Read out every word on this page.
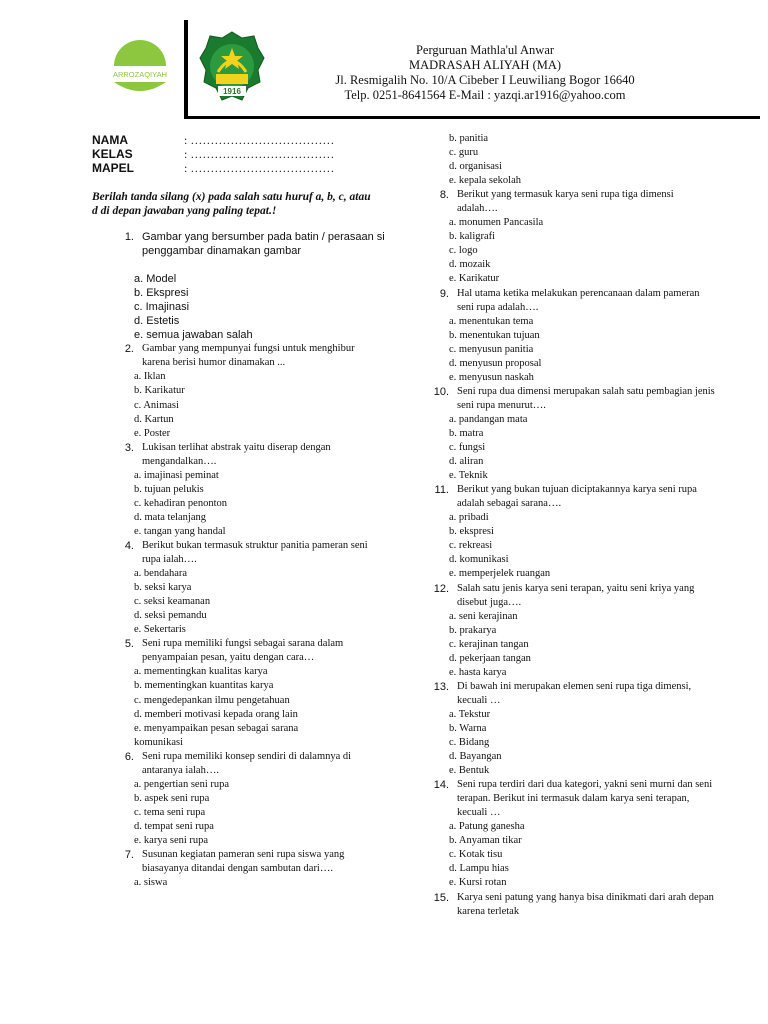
ARROZAQIYAH
1916
Perguruan Mathla'ul Anwar
MADRASAH ALIYAH (MA)
Jl. Resmigalih No. 10/A Cibeber I Leuwiliang Bogor 16640
Telp. 0251-8641564 E-Mail : yazqi.ar1916@yahoo.com
NAMA	: ………………………………
KELAS	: ………………………………
MAPEL	: ………………………………
Berilah tanda silang (x) pada salah satu huruf a, b, c, atau d di depan jawaban yang paling tepat.!
1. Gambar yang bersumber pada batin / perasaan si penggambar dinamakan gambar
a. Model
b. Ekspresi
c. Imajinasi
d. Estetis
e. semua jawaban salah
2. Gambar yang mempunyai fungsi untuk menghibur karena berisi humor dinamakan ...
a. Iklan
b. Karikatur
c. Animasi
d. Kartun
e. Poster
3. Lukisan terlihat abstrak yaitu diserap dengan mengandalkan….
a. imajinasi peminat
b. tujuan pelukis
c. kehadiran penonton
d. mata telanjang
e. tangan yang handal
4. Berikut bukan termasuk struktur panitia pameran seni rupa ialah….
a. bendahara
b. seksi karya
c. seksi keamanan
d. seksi pemandu
e. Sekertaris
5. Seni rupa memiliki fungsi sebagai sarana dalam penyampaian pesan, yaitu dengan cara…
a. mementingkan kualitas karya
b. mementingkan kuantitas karya
c. mengedepankan ilmu pengetahuan
d. memberi motivasi kepada orang lain
e. menyampaikan pesan sebagai sarana komunikasi
6. Seni rupa memiliki konsep sendiri di dalamnya di antaranya ialah….
a. pengertian seni rupa
b. aspek seni rupa
c. tema seni rupa
d. tempat seni rupa
e. karya seni rupa
7. Susunan kegiatan pameran seni rupa siswa yang biasayanya ditandai dengan sambutan dari….
a. siswa
b. panitia
c. guru
d. organisasi
e. kepala sekolah
8. Berikut yang termasuk karya seni rupa tiga dimensi adalah….
a. monumen Pancasila
b. kaligrafi
c. logo
d. mozaik
e. Karikatur
9. Hal utama ketika melakukan perencanaan dalam pameran seni rupa adalah….
a. menentukan tema
b. menentukan tujuan
c. menyusun panitia
d. menyusun proposal
e. menyusun naskah
10. Seni rupa dua dimensi merupakan salah satu pembagian jenis seni rupa menurut….
a. pandangan mata
b. matra
c. fungsi
d. aliran
e. Teknik
11. Berikut yang bukan tujuan diciptakannya karya seni rupa adalah sebagai sarana….
a. pribadi
b. ekspresi
c. rekreasi
d. komunikasi
e. memperjelek ruangan
12. Salah satu jenis karya seni terapan, yaitu seni kriya yang disebut juga….
a. seni kerajinan
b. prakarya
c. kerajinan tangan
d. pekerjaan tangan
e. hasta karya
13. Di bawah ini merupakan elemen seni rupa tiga dimensi, kecuali …
a. Tekstur
b. Warna
c. Bidang
d. Bayangan
e. Bentuk
14. Seni rupa terdiri dari dua kategori, yakni seni murni dan seni terapan. Berikut ini termasuk dalam karya seni terapan, kecuali …
a. Patung ganesha
b. Anyaman tikar
c. Kotak tisu
d. Lampu hias
e. Kursi rotan
15. Karya seni patung yang hanya bisa dinikmati dari arah depan karena terletak
